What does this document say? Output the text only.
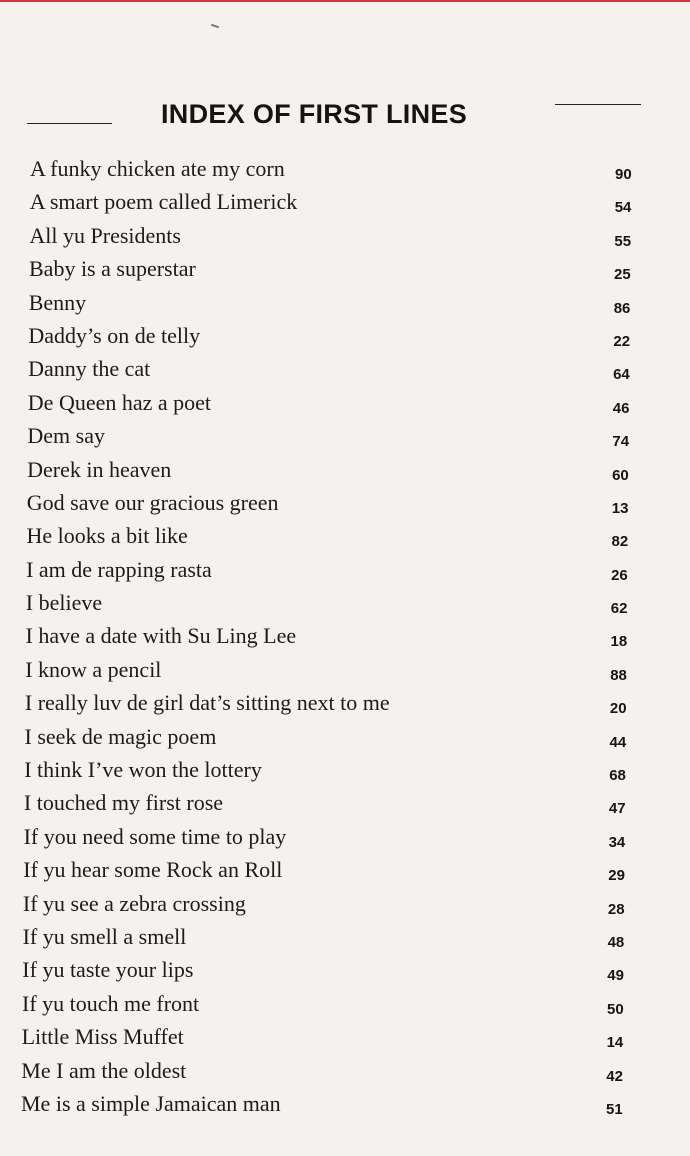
INDEX OF FIRST LINES
A funky chicken ate my corn	90
A smart poem called Limerick	54
All yu Presidents	55
Baby is a superstar	25
Benny	86
Daddy’s on de telly	22
Danny the cat	64
De Queen haz a poet	46
Dem say	74
Derek in heaven	60
God save our gracious green	13
He looks a bit like	82
I am de rapping rasta	26
I believe	62
I have a date with Su Ling Lee	18
I know a pencil	88
I really luv de girl dat’s sitting next to me	20
I seek de magic poem	44
I think I’ve won the lottery	68
I touched my first rose	47
If you need some time to play	34
If yu hear some Rock an Roll	29
If yu see a zebra crossing	28
If yu smell a smell	48
If yu taste your lips	49
If yu touch me front	50
Little Miss Muffet	14
Me I am the oldest	42
Me is a simple Jamaican man	51
